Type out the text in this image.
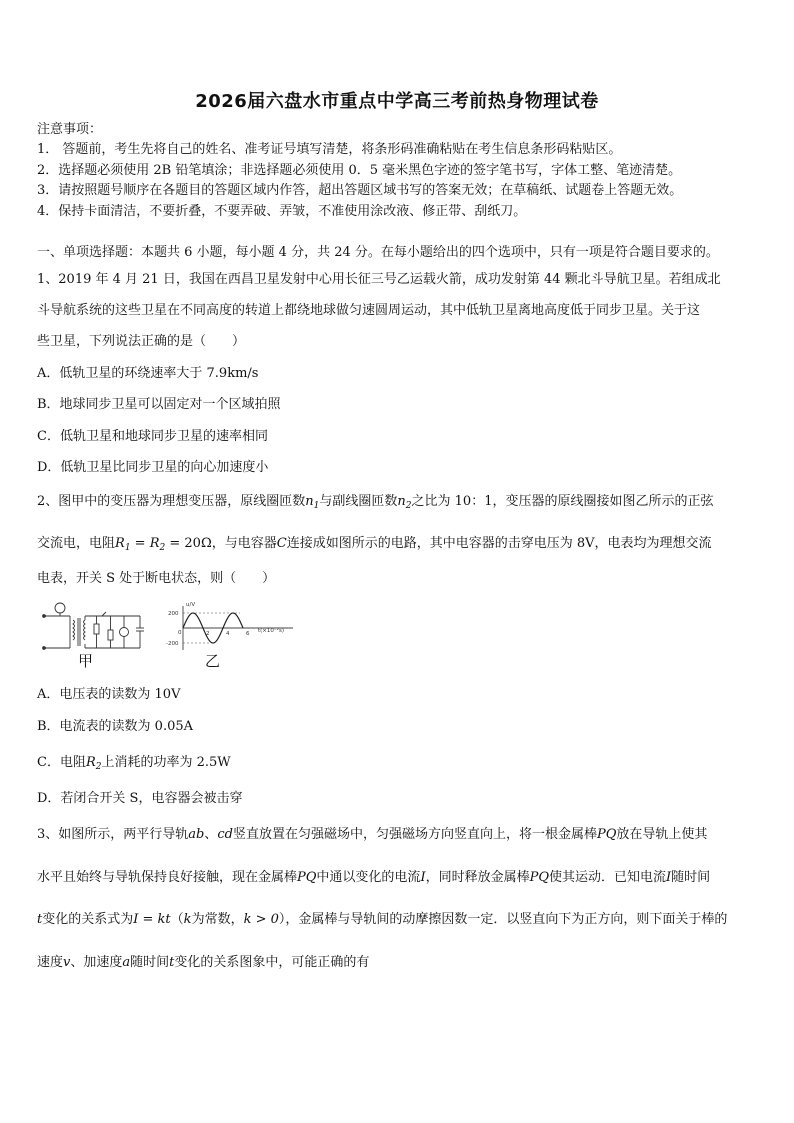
2026届六盘水市重点中学高三考前热身物理试卷
注意事项：
1． 答题前，考生先将自己的姓名、准考证号填写清楚，将条形码准确粘贴在考生信息条形码粘贴区。
2．选择题必须使用 2B 铅笔填涂；非选择题必须使用 0．5 毫米黑色字迹的签字笔书写，字体工整、笔迹清楚。
3．请按照题号顺序在各题目的答题区域内作答，超出答题区域书写的答案无效；在草稿纸、试题卷上答题无效。
4．保持卡面清洁，不要折叠，不要弄破、弄皱，不准使用涂改液、修正带、刮纸刀。
一、单项选择题：本题共 6 小题，每小题 4 分，共 24 分。在每小题给出的四个选项中，只有一项是符合题目要求的。
1、2019 年 4 月 21 日，我国在西昌卫星发射中心用长征三号乙运载火箭，成功发射第 44 颗北斗导航卫星。若组成北
斗导航系统的这些卫星在不同高度的转道上都绕地球做匀速圆周运动，其中低轨卫星离地高度低于同步卫星。关于这
些卫星，下列说法正确的是（　　）
A．低轨卫星的环绕速率大于 7.9km/s
B．地球同步卫星可以固定对一个区域拍照
C．低轨卫星和地球同步卫星的速率相同
D．低轨卫星比同步卫星的向心加速度小
2、图甲中的变压器为理想变压器，原线圈匝数$n_1$与副线圈匝数$n_2$之比为 10：1，变压器的原线圈接如图乙所示的正弦
交流电，电阻$R_1 = R_2 = 20\Omega$，与电容器C连接成如图所示的电路，其中电容器的击穿电压为 8V，电表均为理想交流
电表，开关 S 处于断电状态，则（　　）
u/V
200
0
-200
2	4	6 t(×10⁻²s)
甲	乙
A．电压表的读数为 10V
B．电流表的读数为 0.05A
C．电阻$R_2$上消耗的功率为 2.5W
D．若闭合开关 S，电容器会被击穿
3、如图所示，两平行导轨ab、cd竖直放置在匀强磁场中，匀强磁场方向竖直向上，将一根金属棒PQ放在导轨上使其
水平且始终与导轨保持良好接触，现在金属棒PQ中通以变化的电流I，同时释放金属棒PQ使其运动．已知电流I随时间
t变化的关系式为I = kt（k为常数，k > 0），金属棒与导轨间的动摩擦因数一定．以竖直向下为正方向，则下面关于棒的
速度v、加速度a随时间t变化的关系图象中，可能正确的有
